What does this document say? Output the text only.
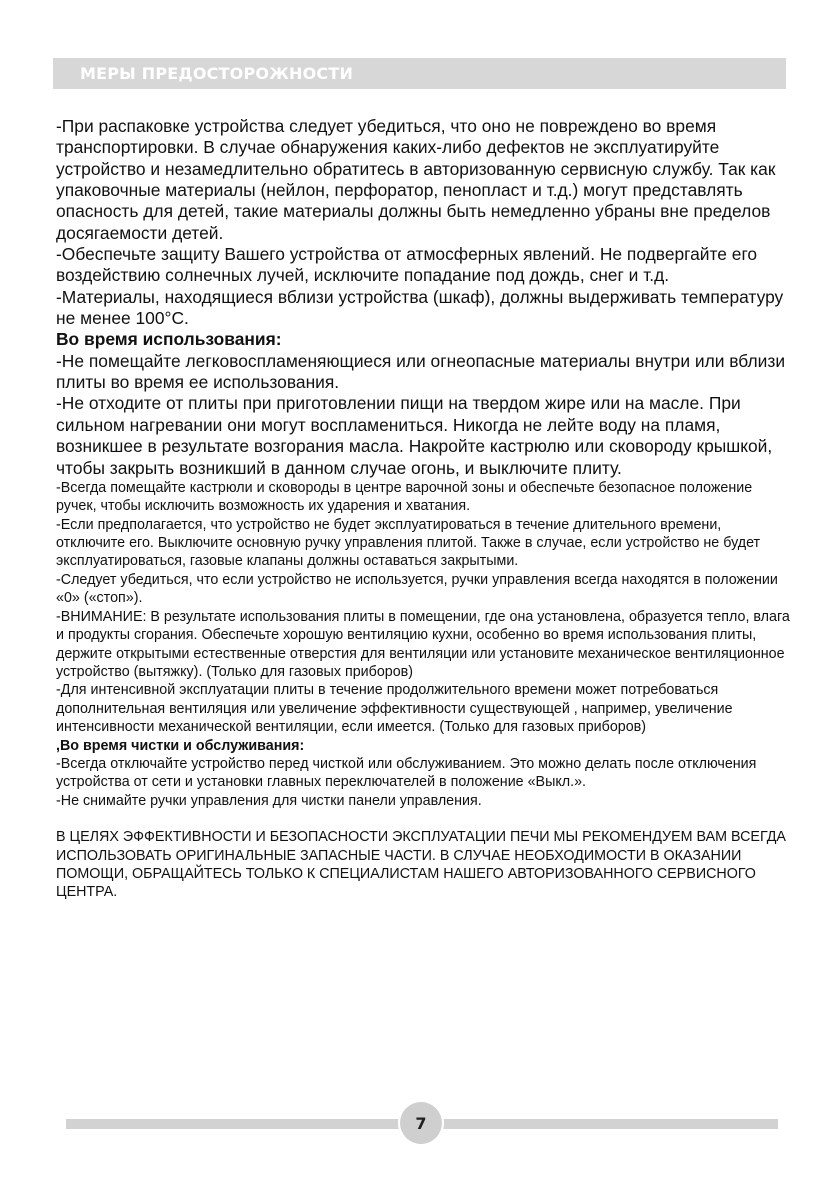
МЕРЫ ПРЕДОСТОРОЖНОСТИ

-При распаковке устройства следует убедиться, что оно не повреждено во время транспортировки. В случае обнаружения каких-либо дефектов не эксплуатируйте устройство и незамедлительно обратитесь в авторизованную сервисную службу. Так как упаковочные материалы (нейлон, перфоратор, пенопласт и т.д.) могут представлять опасность для детей, такие материалы должны быть немедленно убраны вне пределов досягаемости детей.

-Обеспечьте защиту Вашего устройства от атмосферных явлений. Не подвергайте его воздействию солнечных лучей, исключите попадание под дождь, снег и т.д.

-Материалы, находящиеся вблизи устройства (шкаф), должны выдерживать температуру не менее 100°С.

Во время использования:

-Не помещайте легковоспламеняющиеся или огнеопасные материалы внутри или вблизи плиты во время ее использования.

-Не отходите от плиты при приготовлении пищи на твердом жире или на масле. При сильном нагревании они могут воспламениться. Никогда не лейте воду на пламя, возникшее в результате возгорания масла. Накройте кастрюлю или сковороду крышкой, чтобы закрыть возникший в данном случае огонь, и выключите плиту.

-Всегда помещайте кастрюли и сковороды в центре варочной зоны и обеспечьте безопасное положение ручек, чтобы исключить возможность их ударения и хватания.

-Если предполагается, что устройство не будет эксплуатироваться в течение длительного времени, отключите его. Выключите основную ручку управления плитой. Также в случае, если устройство не будет эксплуатироваться, газовые клапаны должны оставаться закрытыми.

-Следует убедиться, что если устройство не используется, ручки управления всегда находятся в положении «0» («стоп»).

-ВНИМАНИЕ: В результате использования плиты в помещении, где она установлена, образуется тепло, влага и продукты сгорания. Обеспечьте хорошую вентиляцию кухни, особенно во время использования плиты, держите открытыми естественные отверстия для вентиляции или установите механическое вентиляционное устройство (вытяжку). (Только для газовых приборов)

-Для интенсивной эксплуатации плиты в течение продолжительного времени может потребоваться дополнительная вентиляция или увеличение эффективности существующей , например, увеличение интенсивности механической вентиляции, если имеется. (Только для газовых приборов)

,Во время чистки и обслуживания:

-Всегда отключайте устройство перед чисткой или обслуживанием. Это можно делать после отключения устройства от сети и установки главных переключателей в положение «Выкл.».

-Не снимайте ручки управления для чистки панели управления.

В ЦЕЛЯХ ЭФФЕКТИВНОСТИ И БЕЗОПАСНОСТИ ЭКСПЛУАТАЦИИ ПЕЧИ МЫ РЕКОМЕНДУЕМ ВАМ ВСЕГДА ИСПОЛЬЗОВАТЬ ОРИГИНАЛЬНЫЕ ЗАПАСНЫЕ ЧАСТИ. В СЛУЧАЕ НЕОБХОДИМОСТИ В ОКАЗАНИИ ПОМОЩИ, ОБРАЩАЙТЕСЬ ТОЛЬКО К СПЕЦИАЛИСТАМ НАШЕГО АВТОРИЗОВАННОГО СЕРВИСНОГО ЦЕНТРА.

7
